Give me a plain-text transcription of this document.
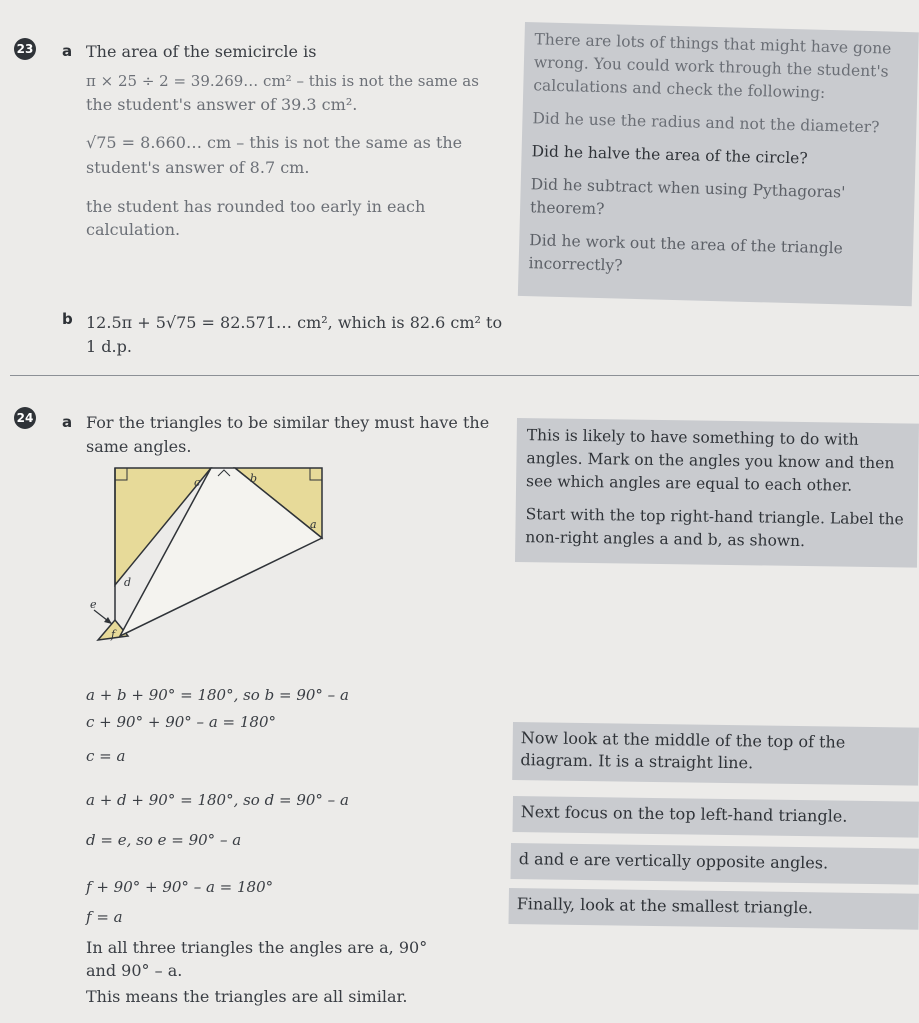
23 a The area of the semicircle is
π × 25 ÷ 2 = 39.269… cm² – this is not the same as
the student's answer of 39.3 cm².
√75 = 8.660… cm – this is not the same as the
student's answer of 8.7 cm.
the student has rounded too early in each
calculation.

There are lots of things that might have gone wrong. You could work through the student's calculations and check the following:

Did he use the radius and not the diameter?

Did he halve the area of the circle?

Did he subtract when using Pythagoras' theorem?

Did he work out the area of the triangle incorrectly?

b 12.5π + 5√75 = 82.571… cm², which is 82.6 cm² to
1 d.p.
24 a For the triangles to be similar they must have the
same angles.
c	b
a
d
e
f
a + b + 90° = 180°, so b = 90° – a
c + 90° + 90° – a = 180°
c = a
a + d + 90° = 180°, so d = 90° – a
d = e, so e = 90° – a
f + 90° + 90° – a = 180°
f = a
In all three triangles the angles are a, 90°
and 90° – a.
This means the triangles are all similar.

This is likely to have something to do with angles. Mark on the angles you know and then see which angles are equal to each other.

Start with the top right-hand triangle. Label the non-right angles a and b, as shown.

Now look at the middle of the top of the diagram. It is a straight line.
Next focus on the top left-hand triangle.
d and e are vertically opposite angles.
Finally, look at the smallest triangle.
